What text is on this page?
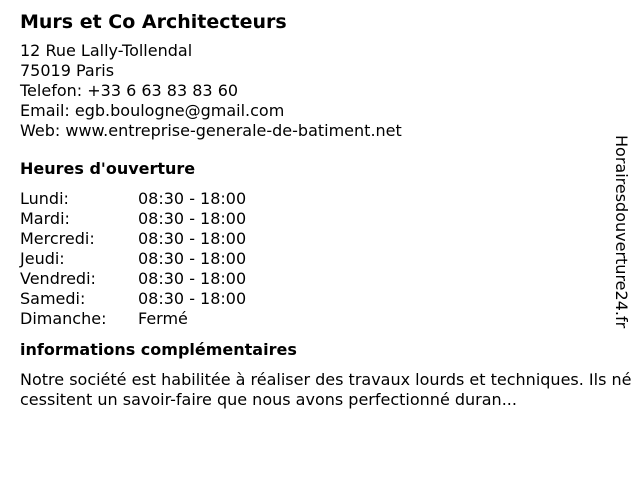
Murs et Co Architecteurs
12 Rue Lally-Tollendal
75019 Paris
Telefon: +33 6 63 83 83 60
Email: egb.boulogne@gmail.com
Web: www.entreprise-generale-de-batiment.net
Heures d'ouverture
Lundi:	08:30 - 18:00
Mardi:	08:30 - 18:00
Mercredi:	08:30 - 18:00
Jeudi:	08:30 - 18:00
Vendredi:	08:30 - 18:00
Samedi:	08:30 - 18:00
Dimanche:	Fermé
informations complémentaires
Notre société est habilitée à réaliser des travaux lourds et techniques. Ils nécessitent un savoir-faire que nous avons perfectionné duran...
Horairesdouverture24.fr
